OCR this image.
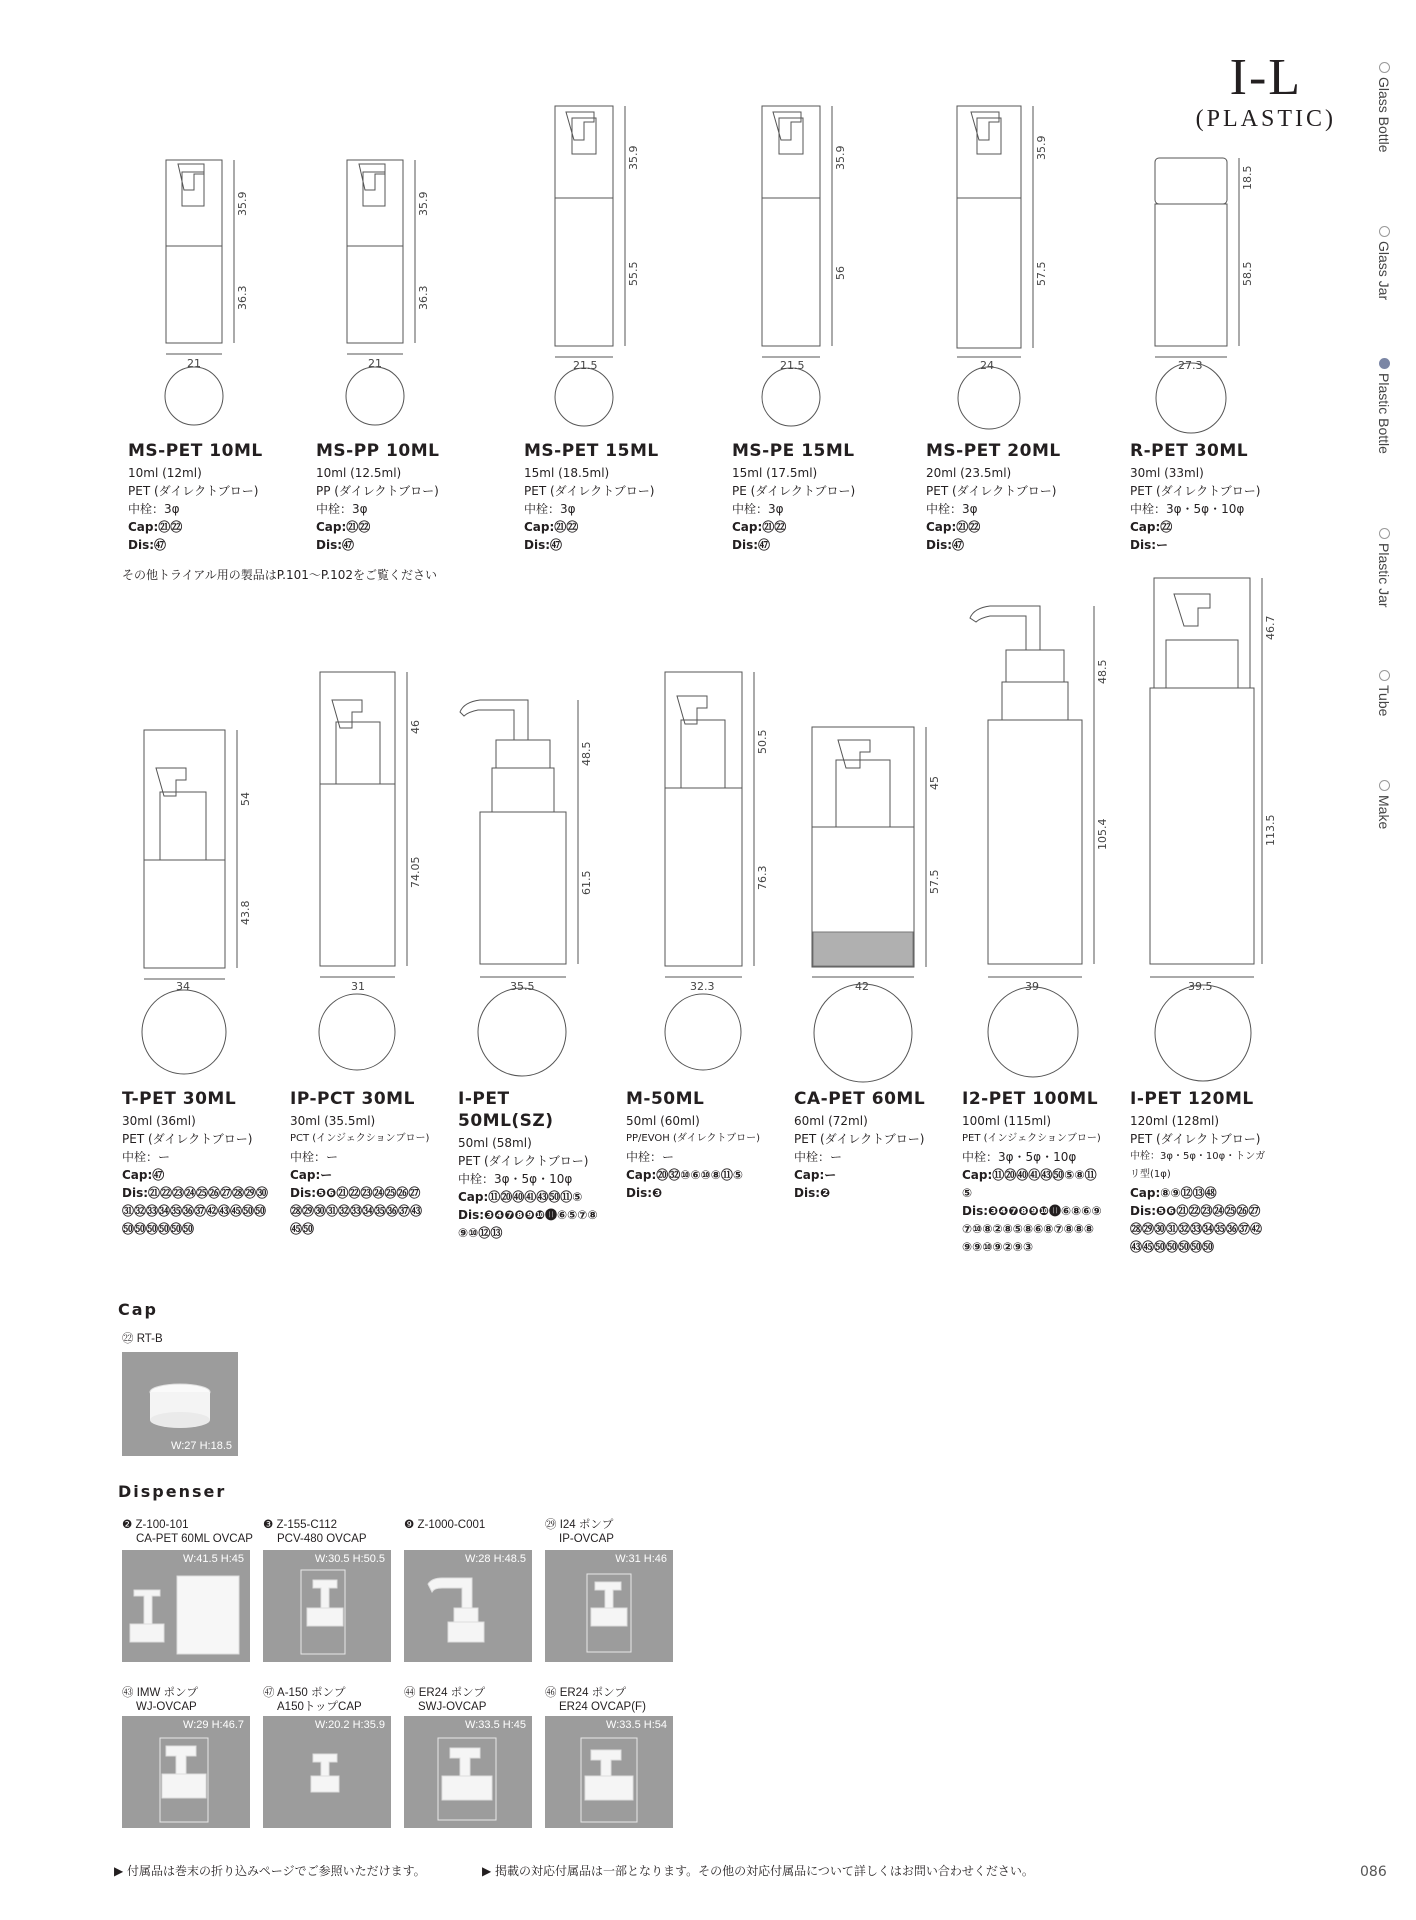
I-L
(PLASTIC)	Glass Bottle
Glass Jar
Plastic Bottle
Plastic Jar
Tube
Make
35.9
36.3
21
35.9
36.3
21
35.9
55.5
21.5
35.9
56
21.5
35.9
57.5
24
18.5
58.5
27.3
54
43.8
34
46
74.05
31
48.5
61.5
35.5
50.5
76.3
32.3
45
57.5
42
48.5
105.4
39
46.7
113.5
39.5
MS-PET 10ML
10ml (12ml)
PET (ダイレクトブロー)
中栓：3φ
Cap:㉑㉒
Dis:㊼
MS-PP 10ML
10ml (12.5ml)
PP (ダイレクトブロー)
中栓：3φ
Cap:㉑㉒
Dis:㊼
MS-PET 15ML
15ml (18.5ml)
PET (ダイレクトブロー)
中栓：3φ
Cap:㉑㉒
Dis:㊼
MS-PE 15ML
15ml (17.5ml)
PE (ダイレクトブロー)
中栓：3φ
Cap:㉑㉒
Dis:㊼
MS-PET 20ML
20ml (23.5ml)
PET (ダイレクトブロー)
中栓：3φ
Cap:㉑㉒
Dis:㊼
R-PET 30ML
30ml (33ml)
PET (ダイレクトブロー)
中栓：3φ・5φ・10φ
Cap:㉒
Dis:ー
その他トライアル用の製品はP.101～P.102をご覧ください
T-PET 30ML
30ml (36ml)
PET (ダイレクトブロー)
中栓：ー
Cap:㊼
Dis:㉑㉒㉓㉔㉕㉖㉗㉘㉙㉚㉛㉜㉝㉞㉟㊱㊲㊷㊸㊺㊿㊿㊿㊿㊿㊿㊿㊿
IP-PCT 30ML
30ml (35.5ml)
PCT (インジェクションブロー)
中栓：ー
Cap:ー
Dis:❺❻㉑㉒㉓㉔㉕㉖㉗㉘㉙㉚㉛㉜㉝㉞㉟㊱㊲㊸㊺㊿
I-PET 50ML(SZ)
50ml (58ml)
PET (ダイレクトブロー)
中栓：3φ・5φ・10φ
Cap:⑪⑳㊵㊶㊸㊿⑪⑤
Dis:❸❹❼❽❾❿⓫⑥⑤⑦⑧⑨⑩⑫⑬
M-50ML
50ml (60ml)
PP/EVOH (ダイレクトブロー)
中栓：ー
Cap:⑳㉜⑩⑥⑩⑧⑪⑤
Dis:❸
CA-PET 60ML
60ml (72ml)
PET (ダイレクトブロー)
中栓：ー
Cap:ー
Dis:❷
I2-PET 100ML
100ml (115ml)
PET (インジェクションブロー)
中栓：3φ・5φ・10φ
Cap:⑪⑳㊵㊶㊸㊿⑤⑧⑪⑤
Dis:❸❹❼❽❾❿⓫⑥⑧⑥⑨⑦⑩⑧②⑧⑤⑧⑥⑧⑦⑧⑧⑧⑨⑨⑩⑨②⑨③
I-PET 120ML
120ml (128ml)
PET (ダイレクトブロー)
中栓：3φ・5φ・10φ・トンガリ型(1φ)
Cap:⑧⑨⑫⑬㊽
Dis:❺❻㉑㉒㉓㉔㉕㉖㉗㉘㉙㉚㉛㉜㉝㉞㉟㊱㊲㊷㊸㊺㊿㊿㊿㊿㊿
Cap
㉒ RT-B
W:27 H:18.5
Dispenser
❷ Z-100-101
CA-PET 60ML OVCAP
❸ Z-155-C112
PCV-480 OVCAP
❾ Z-1000-C001	㉙ I24 ポンプ
IP-OVCAP
W:41.5 H:45	W:30.5 H:50.5	W:28 H:48.5	W:31 H:46
㊸ IMW ポンプ
WJ-OVCAP
㊼ A-150 ポンプ
A150トップCAP
㊹ ER24 ポンプ
SWJ-OVCAP
㊻ ER24 ポンプ
ER24 OVCAP(F)
W:29 H:46.7	W:20.2 H:35.9	W:33.5 H:45	W:33.5 H:54
▶ 付属品は巻末の折り込みページでご参照いただけます。	▶ 掲載の対応付属品は一部となります。その他の対応付属品について詳しくはお問い合わせください。	086
